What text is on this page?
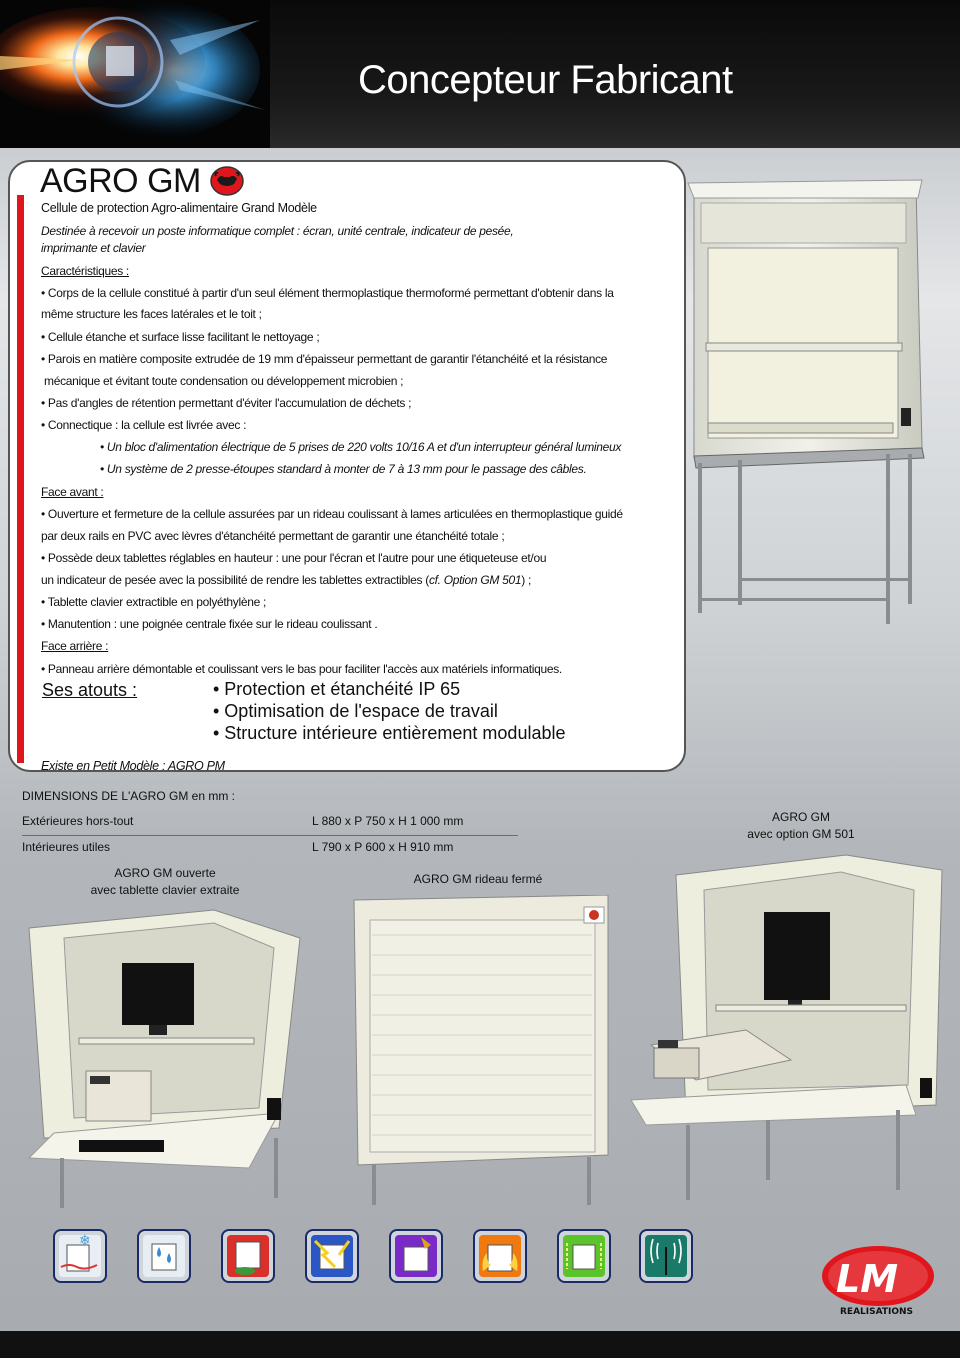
Concepteur Fabricant
AGRO GM
Cellule de protection Agro-alimentaire Grand Modèle
Destinée à recevoir un poste informatique complet : écran, unité centrale, indicateur de pesée,
imprimante et clavier
Caractéristiques :
• Corps de la cellule constitué à partir d'un seul élément thermoplastique thermoformé permettant d'obtenir dans la
même structure les faces latérales et le toit ;
• Cellule étanche et surface lisse facilitant le nettoyage ;
• Parois en matière composite extrudée de 19 mm d'épaisseur permettant de garantir l'étanchéité et la résistance
mécanique et évitant toute condensation ou développement microbien ;
• Pas d'angles de rétention permettant d'éviter l'accumulation de déchets ;
• Connectique : la cellule est livrée avec :
• Un bloc d'alimentation électrique de 5 prises de 220 volts 10/16 A et d'un interrupteur général lumineux
• Un système de 2 presse-étoupes standard à monter de 7 à 13 mm pour le passage des câbles.
Face avant :
• Ouverture et fermeture de la cellule assurées par un rideau coulissant à lames articulées en thermoplastique guidé
par deux rails en PVC avec lèvres d'étanchéité permettant de garantir une étanchéité totale ;
• Possède deux tablettes réglables en hauteur : une pour l'écran et l'autre pour une étiqueteuse et/ou
un indicateur de pesée avec la possibilité de rendre les tablettes extractibles (cf. Option GM 501) ;
• Tablette clavier extractible en polyéthylène ;
• Manutention : une poignée centrale fixée sur le rideau coulissant .
Face arrière :
• Panneau arrière démontable et coulissant vers le bas pour faciliter l'accès aux matériels informatiques.
Ses atouts :	• Protection et étanchéité IP 65
• Optimisation de l'espace de travail
• Structure intérieure entièrement modulable
Existe en Petit Modèle : AGRO PM
DIMENSIONS DE L'AGRO GM en mm :
Extérieures hors-tout	L 880 x P 750 x H 1 000 mm
Intérieures utiles	L 790 x P 600 x H 910 mm
AGRO GM ouverte
avec tablette clavier extraite
AGRO GM rideau fermé
AGRO GM
avec option GM 501
❄
LM
REALISATIONS
